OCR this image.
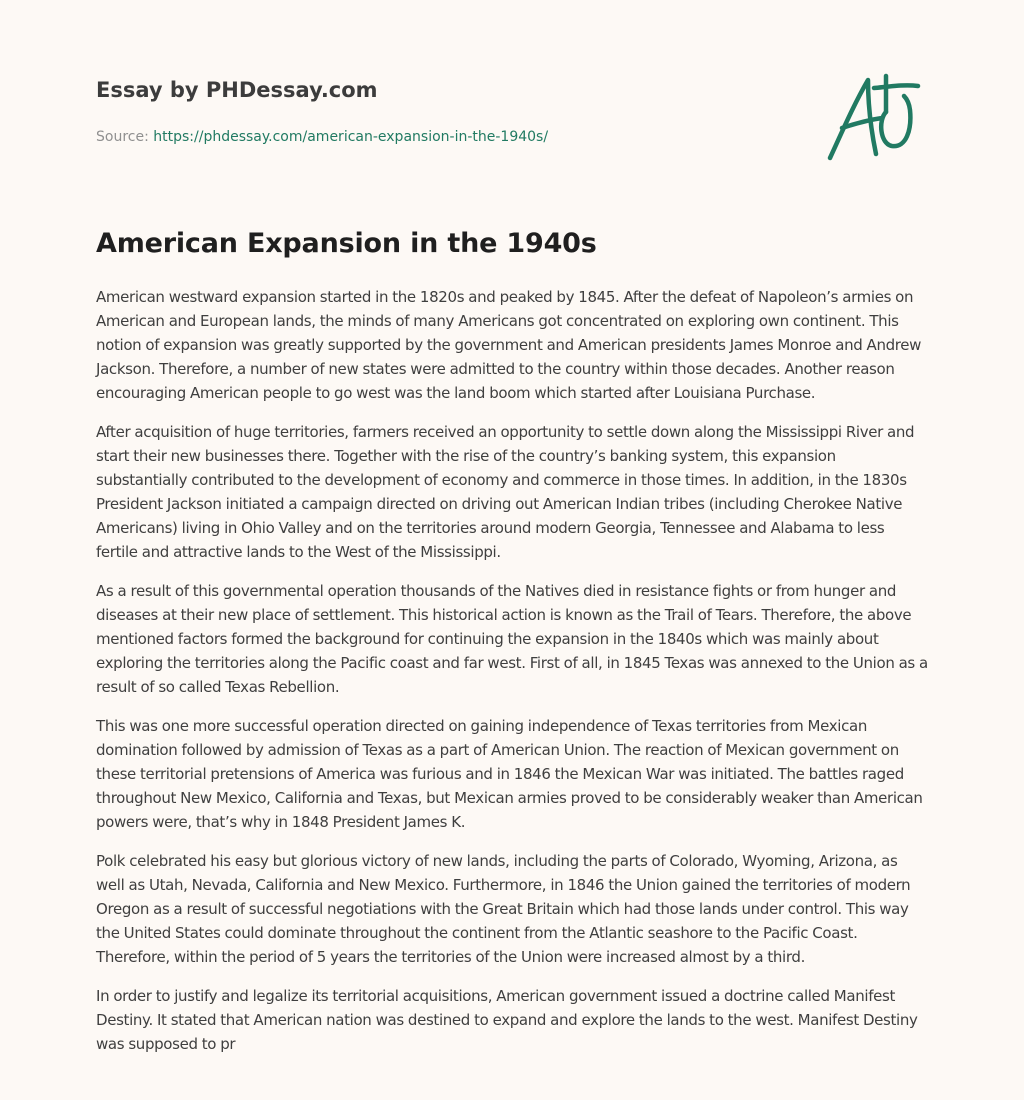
Essay by PHDessay.com
Source: https://phdessay.com/american-expansion-in-the-1940s/
American Expansion in the 1940s

American westward expansion started in the 1820s and peaked by 1845. After the defeat of Napoleon’s armies on American and European lands, the minds of many Americans got concentrated on exploring own continent. This notion of expansion was greatly supported by the government and American presidents James Monroe and Andrew Jackson. Therefore, a number of new states were admitted to the country within those decades. Another reason encouraging American people to go west was the land boom which started after Louisiana Purchase.

After acquisition of huge territories, farmers received an opportunity to settle down along the Mississippi River and start their new businesses there. Together with the rise of the country’s banking system, this expansion substantially contributed to the development of economy and commerce in those times. In addition, in the 1830s President Jackson initiated a campaign directed on driving out American Indian tribes (including Cherokee Native Americans) living in Ohio Valley and on the territories around modern Georgia, Tennessee and Alabama to less fertile and attractive lands to the West of the Mississippi.

As a result of this governmental operation thousands of the Natives died in resistance fights or from hunger and diseases at their new place of settlement. This historical action is known as the Trail of Tears. Therefore, the above mentioned factors formed the background for continuing the expansion in the 1840s which was mainly about exploring the territories along the Pacific coast and far west. First of all, in 1845 Texas was annexed to the Union as a result of so called Texas Rebellion.

This was one more successful operation directed on gaining independence of Texas territories from Mexican domination followed by admission of Texas as a part of American Union. The reaction of Mexican government on these territorial pretensions of America was furious and in 1846 the Mexican War was initiated. The battles raged throughout New Mexico, California and Texas, but Mexican armies proved to be considerably weaker than American powers were, that’s why in 1848 President James K.

Polk celebrated his easy but glorious victory of new lands, including the parts of Colorado, Wyoming, Arizona, as well as Utah, Nevada, California and New Mexico. Furthermore, in 1846 the Union gained the territories of modern Oregon as a result of successful negotiations with the Great Britain which had those lands under control. This way the United States could dominate throughout the continent from the Atlantic seashore to the Pacific Coast. Therefore, within the period of 5 years the territories of the Union were increased almost by a third.

In order to justify and legalize its territorial acquisitions, American government issued a doctrine called Manifest Destiny. It stated that American nation was destined to expand and explore the lands to the west. Manifest Destiny was supposed to pr
